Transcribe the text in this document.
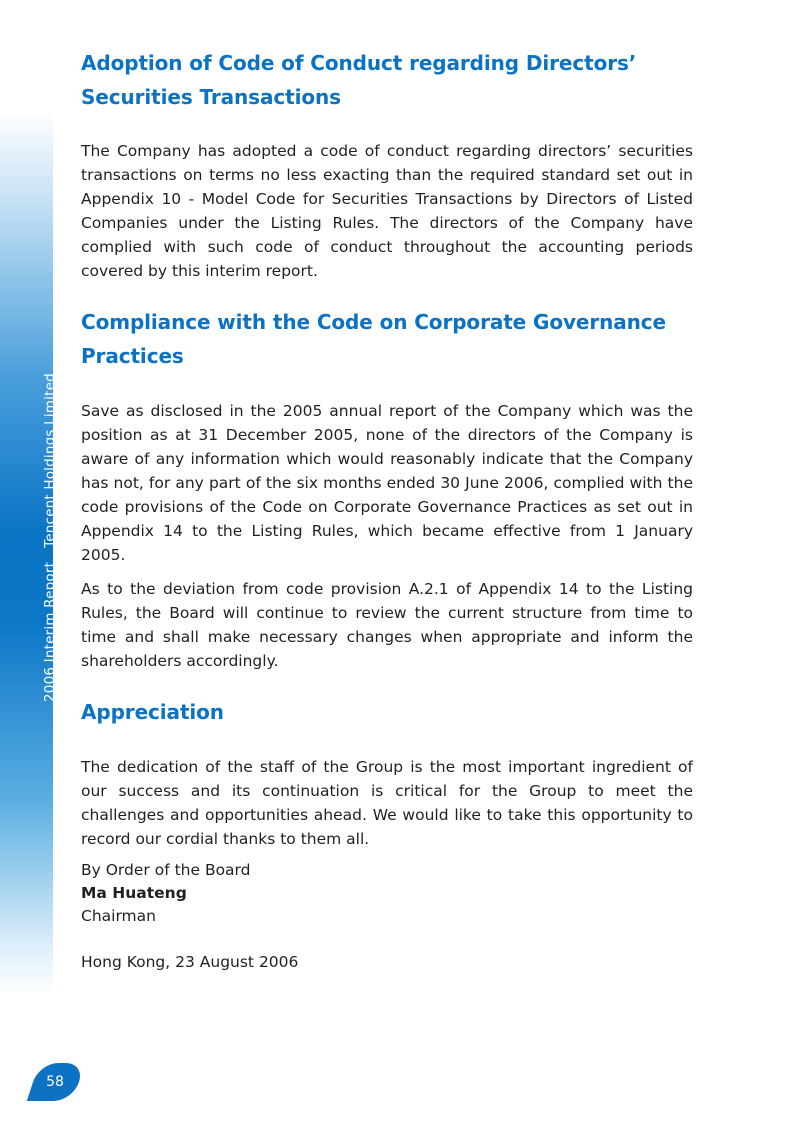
2006 Interim ReportTencent Holdings Limited
Adoption of Code of Conduct regarding Directors’ Securities Transactions

The Company has adopted a code of conduct regarding directors’ securities transactions on terms no less exacting than the required standard set out in Appendix 10 - Model Code for Securities Transactions by Directors of Listed Companies under the Listing Rules. The directors of the Company have complied with such code of conduct throughout the accounting periods covered by this interim report.

Compliance with the Code on Corporate Governance Practices

Save as disclosed in the 2005 annual report of the Company which was the position as at 31 December 2005, none of the directors of the Company is aware of any information which would reasonably indicate that the Company has not, for any part of the six months ended 30 June 2006, complied with the code provisions of the Code on Corporate Governance Practices as set out in Appendix 14 to the Listing Rules, which became effective from 1 January 2005.

As to the deviation from code provision A.2.1 of Appendix 14 to the Listing Rules, the Board will continue to review the current structure from time to time and shall make necessary changes when appropriate and inform the shareholders accordingly.

Appreciation

The dedication of the staff of the Group is the most important ingredient of our success and its continuation is critical for the Group to meet the challenges and opportunities ahead. We would like to take this opportunity to record our cordial thanks to them all.

By Order of the Board
Ma Huateng
Chairman
Hong Kong, 23 August 2006
58
